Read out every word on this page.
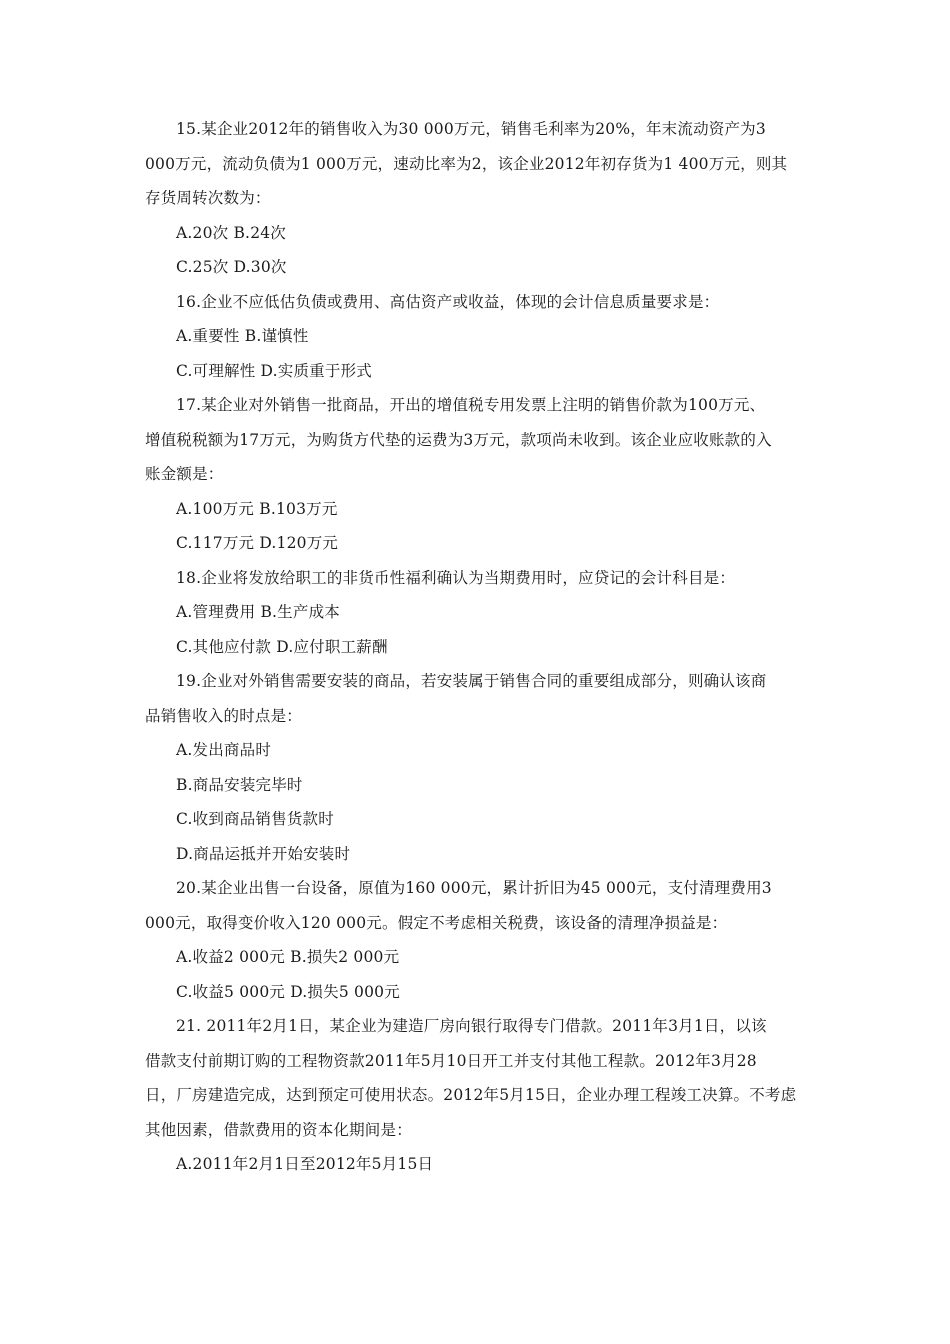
15.某企业2012年的销售收入为30 000万元，销售毛利率为20%，年末流动资产为3

000万元，流动负债为1 000万元，速动比率为2，该企业2012年初存货为1 400万元，则其

存货周转次数为：

A.20次 B.24次

C.25次 D.30次

16.企业不应低估负债或费用、高估资产或收益，体现的会计信息质量要求是：

A.重要性 B.谨慎性

C.可理解性 D.实质重于形式

17.某企业对外销售一批商品，开出的增值税专用发票上注明的销售价款为100万元、

增值税税额为17万元，为购货方代垫的运费为3万元，款项尚未收到。该企业应收账款的入

账金额是：

A.100万元 B.103万元

C.117万元 D.120万元

18.企业将发放给职工的非货币性福利确认为当期费用时，应贷记的会计科目是：

A.管理费用 B.生产成本

C.其他应付款 D.应付职工薪酬

19.企业对外销售需要安装的商品，若安装属于销售合同的重要组成部分，则确认该商

品销售收入的时点是：

A.发出商品时

B.商品安装完毕时

C.收到商品销售货款时

D.商品运抵并开始安装时

20.某企业出售一台设备，原值为160 000元，累计折旧为45 000元，支付清理费用3

000元，取得变价收入120 000元。假定不考虑相关税费，该设备的清理净损益是：

A.收益2 000元 B.损失2 000元

C.收益5 000元 D.损失5 000元

21. 2011年2月1日，某企业为建造厂房向银行取得专门借款。2011年3月1日，以该

借款支付前期订购的工程物资款2011年5月10日开工并支付其他工程款。2012年3月28

日，厂房建造完成，达到预定可使用状态。2012年5月15日，企业办理工程竣工决算。不考虑

其他因素，借款费用的资本化期间是：

A.2011年2月1日至2012年5月15日
